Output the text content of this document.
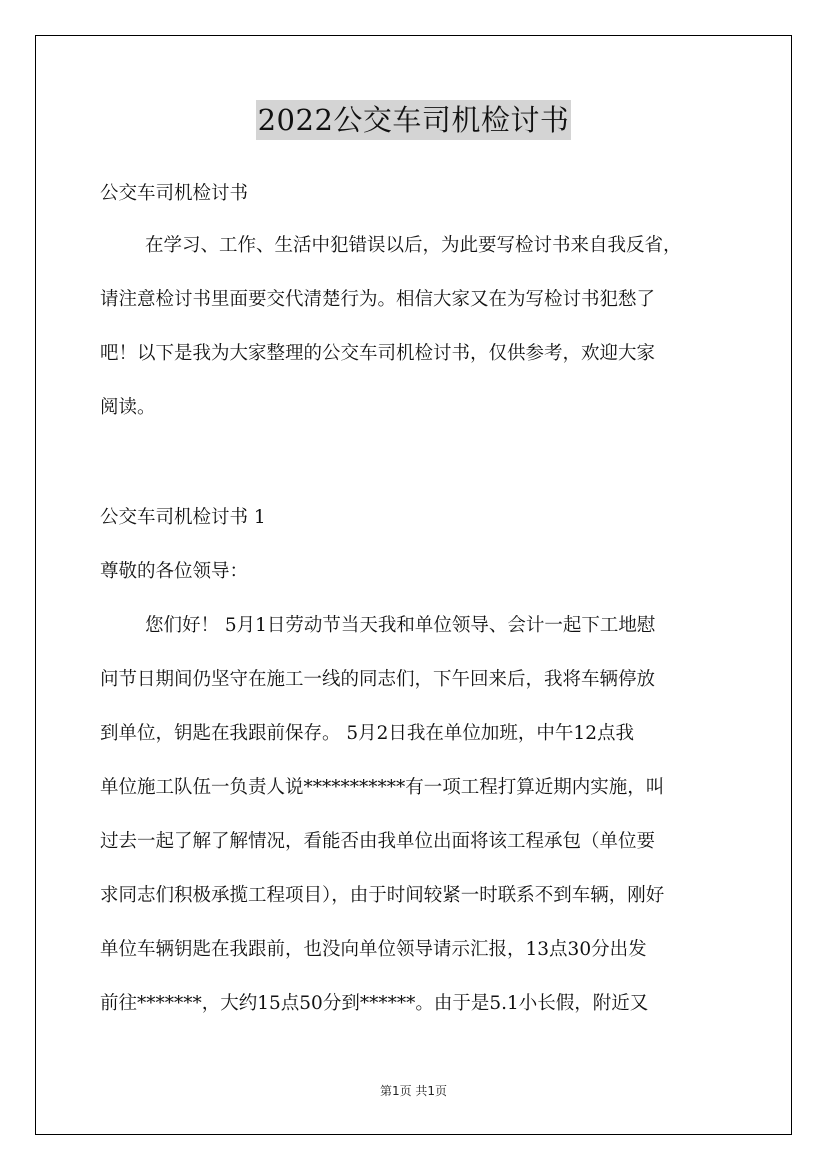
2022公交车司机检讨书
公交车司机检讨书
在学习、工作、生活中犯错误以后，为此要写检讨书来自我反省，
请注意检讨书里面要交代清楚行为。相信大家又在为写检讨书犯愁了
吧！以下是我为大家整理的公交车司机检讨书，仅供参考，欢迎大家
阅读。
公交车司机检讨书 1
尊敬的各位领导：
您们好！ 5月1日劳动节当天我和单位领导、会计一起下工地慰
问节日期间仍坚守在施工一线的同志们，下午回来后，我将车辆停放
到单位，钥匙在我跟前保存。 5月2日我在单位加班，中午12点我
单位施工队伍一负责人说***********有一项工程打算近期内实施，叫
过去一起了解了解情况，看能否由我单位出面将该工程承包（单位要
求同志们积极承揽工程项目），由于时间较紧一时联系不到车辆，刚好
单位车辆钥匙在我跟前，也没向单位领导请示汇报，13点30分出发
前往*******，大约15点50分到******。由于是5.1小长假，附近又
第1页 共1页
